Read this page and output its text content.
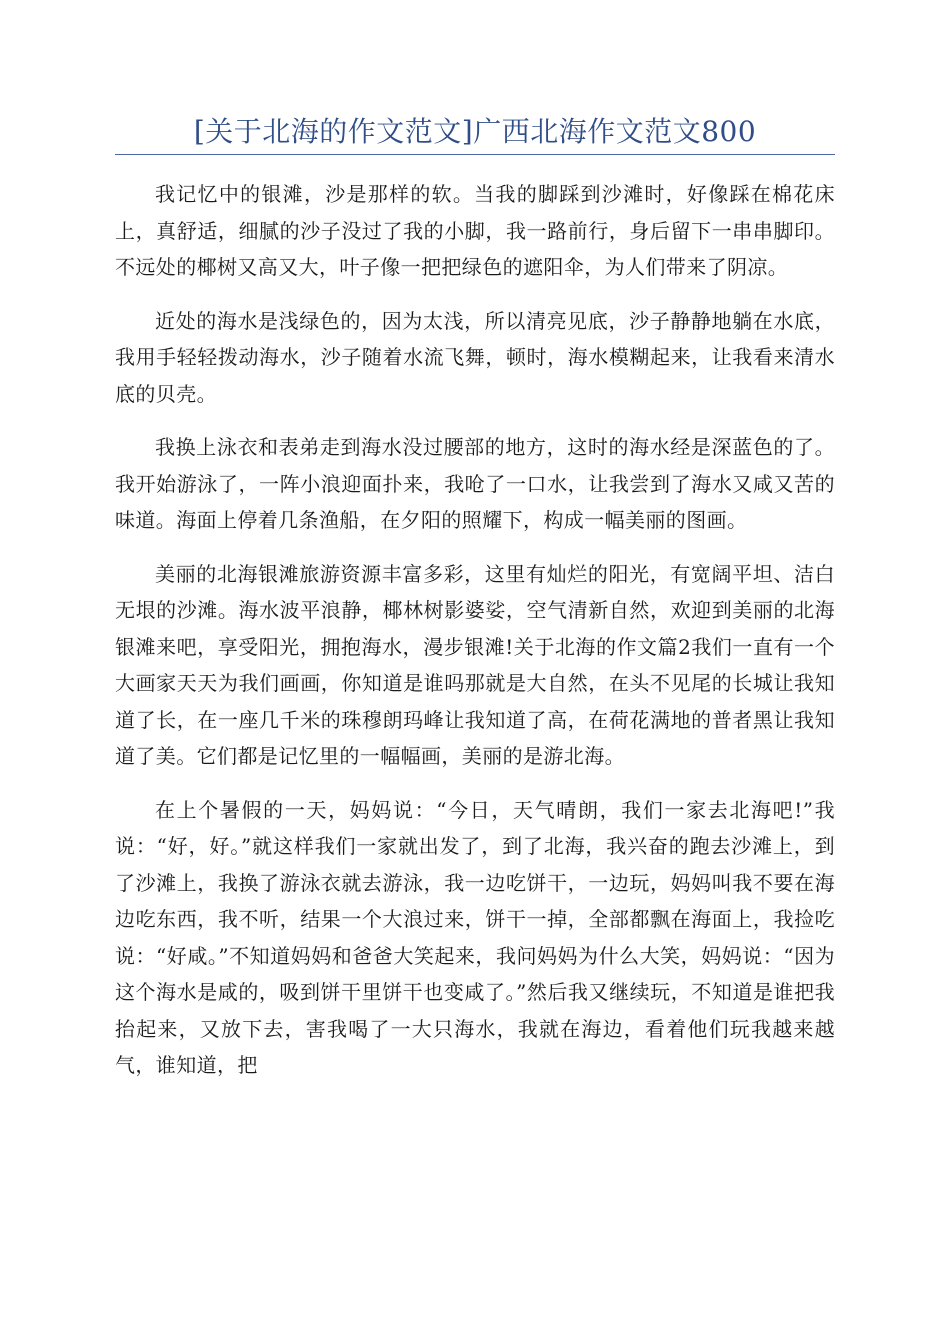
[关于北海的作文范文]广西北海作文范文800

我记忆中的银滩，沙是那样的软。当我的脚踩到沙滩时，好像踩在棉花床上，真舒适，细腻的沙子没过了我的小脚，我一路前行，身后留下一串串脚印。不远处的椰树又高又大，叶子像一把把绿色的遮阳伞，为人们带来了阴凉。

近处的海水是浅绿色的，因为太浅，所以清亮见底，沙子静静地躺在水底，我用手轻轻拨动海水，沙子随着水流飞舞，顿时，海水模糊起来，让我看来清水底的贝壳。

我换上泳衣和表弟走到海水没过腰部的地方，这时的海水经是深蓝色的了。我开始游泳了，一阵小浪迎面扑来，我呛了一口水，让我尝到了海水又咸又苦的味道。海面上停着几条渔船，在夕阳的照耀下，构成一幅美丽的图画。

美丽的北海银滩旅游资源丰富多彩，这里有灿烂的阳光，有宽阔平坦、洁白无垠的沙滩。海水波平浪静，椰林树影婆娑，空气清新自然，欢迎到美丽的北海银滩来吧，享受阳光，拥抱海水，漫步银滩!关于北海的作文篇2我们一直有一个大画家天天为我们画画，你知道是谁吗那就是大自然，在头不见尾的长城让我知道了长，在一座几千米的珠穆朗玛峰让我知道了高，在荷花满地的普者黑让我知道了美。它们都是记忆里的一幅幅画，美丽的是游北海。

在上个暑假的一天，妈妈说：“今日，天气晴朗，我们一家去北海吧!”我说：“好，好。”就这样我们一家就出发了，到了北海，我兴奋的跑去沙滩上，到了沙滩上，我换了游泳衣就去游泳，我一边吃饼干，一边玩，妈妈叫我不要在海边吃东西，我不听，结果一个大浪过来，饼干一掉，全部都飘在海面上，我捡吃说：“好咸。”不知道妈妈和爸爸大笑起来，我问妈妈为什么大笑，妈妈说：“因为这个海水是咸的，吸到饼干里饼干也变咸了。”然后我又继续玩，不知道是谁把我抬起来，又放下去，害我喝了一大只海水，我就在海边，看着他们玩我越来越气，谁知道，把
